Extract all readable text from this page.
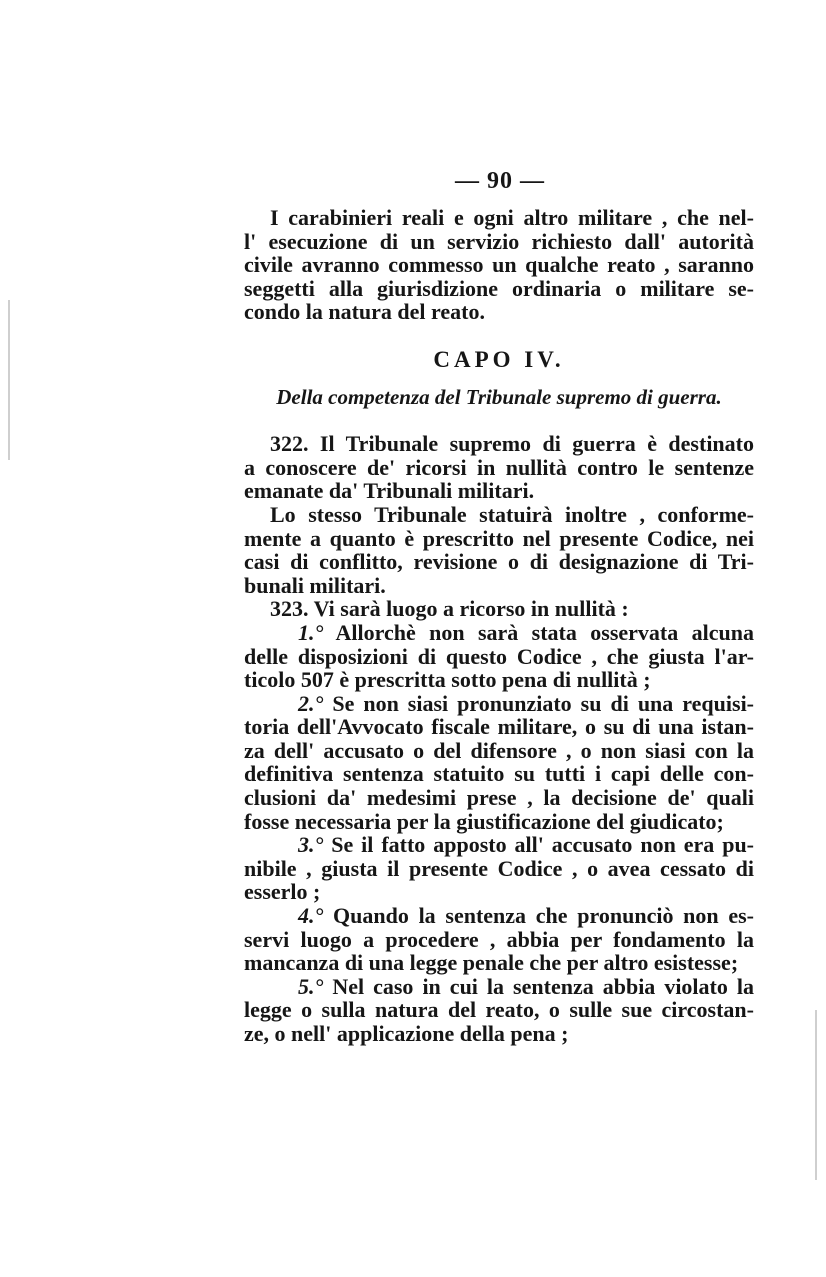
— 90 —
I carabinieri reali e ogni altro militare , che nel-
l' esecuzione di un servizio richiesto dall' autorità
civile avranno commesso un qualche reato , saranno
seggetti alla giurisdizione ordinaria o militare se-
condo la natura del reato.
CAPO IV.
Della competenza del Tribunale supremo di guerra.
322. Il Tribunale supremo di guerra è destinato
a conoscere de' ricorsi in nullità contro le sentenze
emanate da' Tribunali militari.
Lo stesso Tribunale statuirà inoltre , conforme-
mente a quanto è prescritto nel presente Codice, nei
casi di conflitto, revisione o di designazione di Tri-
bunali militari.
323. Vi sarà luogo a ricorso in nullità :
1.° Allorchè non sarà stata osservata alcuna
delle disposizioni di questo Codice , che giusta l'ar-
ticolo 507 è prescritta sotto pena di nullità ;
2.° Se non siasi pronunziato su di una requisi-
toria dell'Avvocato fiscale militare, o su di una istan-
za dell' accusato o del difensore , o non siasi con la
definitiva sentenza statuito su tutti i capi delle con-
clusioni da' medesimi prese , la decisione de' quali
fosse necessaria per la giustificazione del giudicato;
3.° Se il fatto apposto all' accusato non era pu-
nibile , giusta il presente Codice , o avea cessato di
esserlo ;
4.° Quando la sentenza che pronunciò non es-
servi luogo a procedere , abbia per fondamento la
mancanza di una legge penale che per altro esistesse;
5.° Nel caso in cui la sentenza abbia violato la
legge o sulla natura del reato, o sulle sue circostan-
ze, o nell' applicazione della pena ;
